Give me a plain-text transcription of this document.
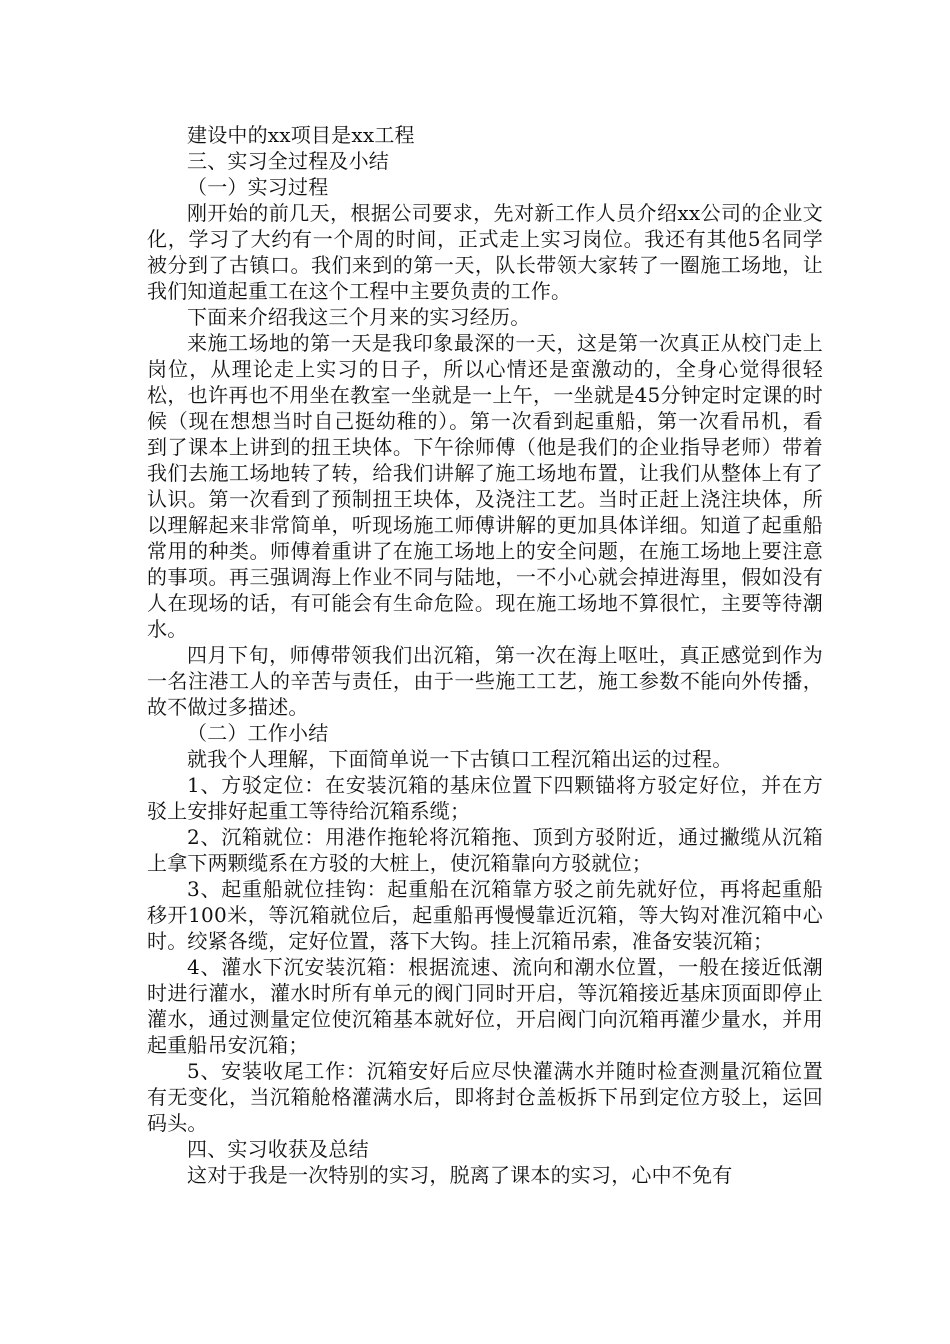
建设中的xx项目是xx工程

三、实习全过程及小结

（一）实习过程

刚开始的前几天，根据公司要求，先对新工作人员介绍xx公司的企业文化，学习了大约有一个周的时间，正式走上实习岗位。我还有其他5名同学被分到了古镇口。我们来到的第一天，队长带领大家转了一圈施工场地，让我们知道起重工在这个工程中主要负责的工作。

下面来介绍我这三个月来的实习经历。

来施工场地的第一天是我印象最深的一天，这是第一次真正从校门走上岗位，从理论走上实习的日子，所以心情还是蛮激动的，全身心觉得很轻松，也许再也不用坐在教室一坐就是一上午，一坐就是45分钟定时定课的时候（现在想想当时自己挺幼稚的）。第一次看到起重船，第一次看吊机，看到了课本上讲到的扭王块体。下午徐师傅（他是我们的企业指导老师）带着我们去施工场地转了转，给我们讲解了施工场地布置，让我们从整体上有了认识。第一次看到了预制扭王块体，及浇注工艺。当时正赶上浇注块体，所以理解起来非常简单，听现场施工师傅讲解的更加具体详细。知道了起重船常用的种类。师傅着重讲了在施工场地上的安全问题，在施工场地上要注意的事项。再三强调海上作业不同与陆地，一不小心就会掉进海里，假如没有人在现场的话，有可能会有生命危险。现在施工场地不算很忙，主要等待潮水。

四月下旬，师傅带领我们出沉箱，第一次在海上呕吐，真正感觉到作为一名注港工人的辛苦与责任，由于一些施工工艺，施工参数不能向外传播，故不做过多描述。

（二）工作小结

就我个人理解，下面简单说一下古镇口工程沉箱出运的过程。

1、方驳定位：在安装沉箱的基床位置下四颗锚将方驳定好位，并在方驳上安排好起重工等待给沉箱系缆；

2、沉箱就位：用港作拖轮将沉箱拖、顶到方驳附近，通过撇缆从沉箱上拿下两颗缆系在方驳的大桩上，使沉箱靠向方驳就位；

3、起重船就位挂钩：起重船在沉箱靠方驳之前先就好位，再将起重船移开100米，等沉箱就位后，起重船再慢慢靠近沉箱，等大钩对准沉箱中心时。绞紧各缆，定好位置，落下大钩。挂上沉箱吊索，准备安装沉箱；

4、灌水下沉安装沉箱：根据流速、流向和潮水位置，一般在接近低潮时进行灌水，灌水时所有单元的阀门同时开启，等沉箱接近基床顶面即停止灌水，通过测量定位使沉箱基本就好位，开启阀门向沉箱再灌少量水，并用起重船吊安沉箱；

5、安装收尾工作：沉箱安好后应尽快灌满水并随时检查测量沉箱位置有无变化，当沉箱舱格灌满水后，即将封仓盖板拆下吊到定位方驳上，运回码头。

四、实习收获及总结

这对于我是一次特别的实习，脱离了课本的实习，心中不免有
